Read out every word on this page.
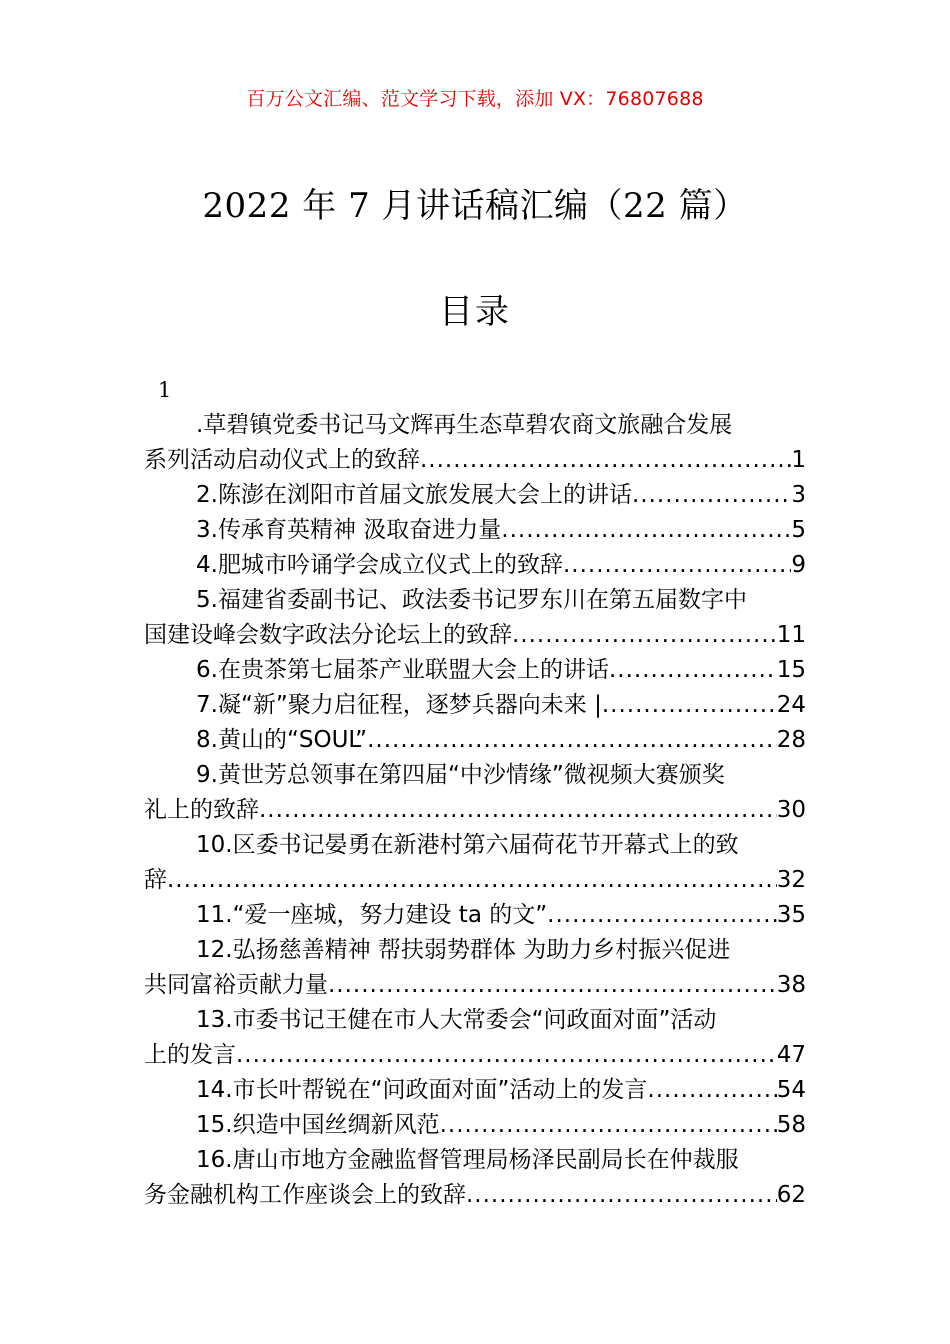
百万公文汇编、范文学习下载，添加 VX：76807688
2022 年 7 月讲话稿汇编（22 篇）
目录
1
.草碧镇党委书记马文辉再生态草碧农商文旅融合发展
系列活动启动仪式上的致辞 .....	1
2.陈澎在浏阳市首届文旅发展大会上的讲话 .....	3
3.传承育英精神 汲取奋进力量 .....	5
4.肥城市吟诵学会成立仪式上的致辞 .....	9
5.福建省委副书记、政法委书记罗东川在第五届数字中
国建设峰会数字政法分论坛上的致辞 .....	11
6.在贵茶第七届茶产业联盟大会上的讲话 .....	15
7.凝“新”聚力启征程，逐梦兵器向未来 | .....	24
8.黄山的“SOUL” .....	28
9.黄世芳总领事在第四届“中沙情缘”微视频大赛颁奖
礼上的致辞 .....	30
10.区委书记晏勇在新港村第六届荷花节开幕式上的致
辞 .....	32
11.“爱一座城，努力建设 ta 的文” .....	35
12.弘扬慈善精神 帮扶弱势群体 为助力乡村振兴促进
共同富裕贡献力量 .....	38
13.市委书记王健在市人大常委会“问政面对面”活动
上的发言 .....	47
14.市长叶帮锐在“问政面对面”活动上的发言 .....	54
15.织造中国丝绸新风范 .....	58
16.唐山市地方金融监督管理局杨泽民副局长在仲裁服
务金融机构工作座谈会上的致辞 .....	62
